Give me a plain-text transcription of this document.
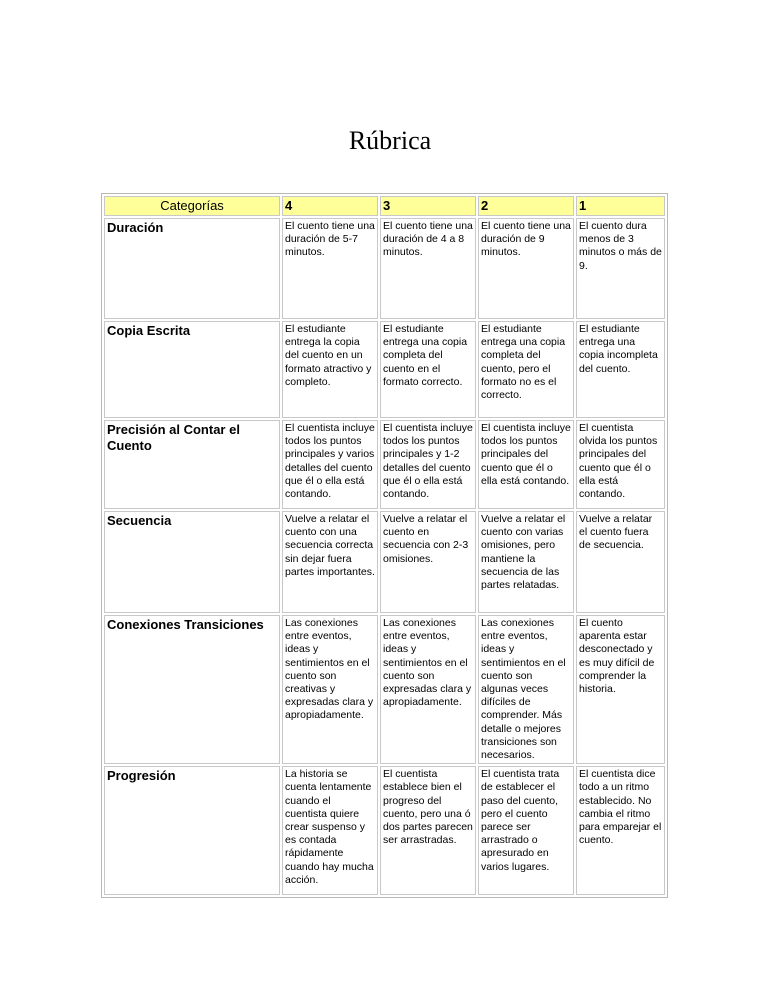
Rúbrica
Categorías	4	3	2	1
Duración	El cuento tiene una duración de 5-7 minutos.	El cuento tiene una duración de 4 a 8 minutos.	El cuento tiene una duración de 9 minutos.	El cuento dura menos de 3 minutos o más de 9.
Copia Escrita	El estudiante entrega la copia del cuento en un formato atractivo y completo.	El estudiante entrega una copia completa del cuento en el formato correcto.	El estudiante entrega una copia completa del cuento, pero el formato no es el correcto.	El estudiante entrega una copia incompleta del cuento.
Precisión al Contar el Cuento	El cuentista incluye todos los puntos principales y varios detalles del cuento que él o ella está contando.	El cuentista incluye todos los puntos principales y 1-2 detalles del cuento que él o ella está contando.	El cuentista incluye todos los puntos principales del cuento que él o ella está contando.	El cuentista olvida los puntos principales del cuento que él o ella está contando.
Secuencia	Vuelve a relatar el cuento con una secuencia correcta sin dejar fuera partes importantes.	Vuelve a relatar el cuento en secuencia con 2-3 omisiones.	Vuelve a relatar el cuento con varias omisiones, pero mantiene la secuencia de las partes relatadas.	Vuelve a relatar el cuento fuera de secuencia.
Conexiones Transiciones	Las conexiones entre eventos, ideas y sentimientos en el cuento son creativas y expresadas clara y apropiadamente.	Las conexiones entre eventos, ideas y sentimientos en el cuento son expresadas clara y apropiadamente.	Las conexiones entre eventos, ideas y sentimientos en el cuento son algunas veces difíciles de comprender. Más detalle o mejores transiciones son necesarios.	El cuento aparenta estar desconectado y es muy difícil de comprender la historia.
Progresión	La historia se cuenta lentamente cuando el cuentista quiere crear suspenso y es contada rápidamente cuando hay mucha acción.	El cuentista establece bien el progreso del cuento, pero una ó dos partes parecen ser arrastradas.	El cuentista trata de establecer el paso del cuento, pero el cuento parece ser arrastrado o apresurado en varios lugares.	El cuentista dice todo a un ritmo establecido. No cambia el ritmo para emparejar el cuento.
